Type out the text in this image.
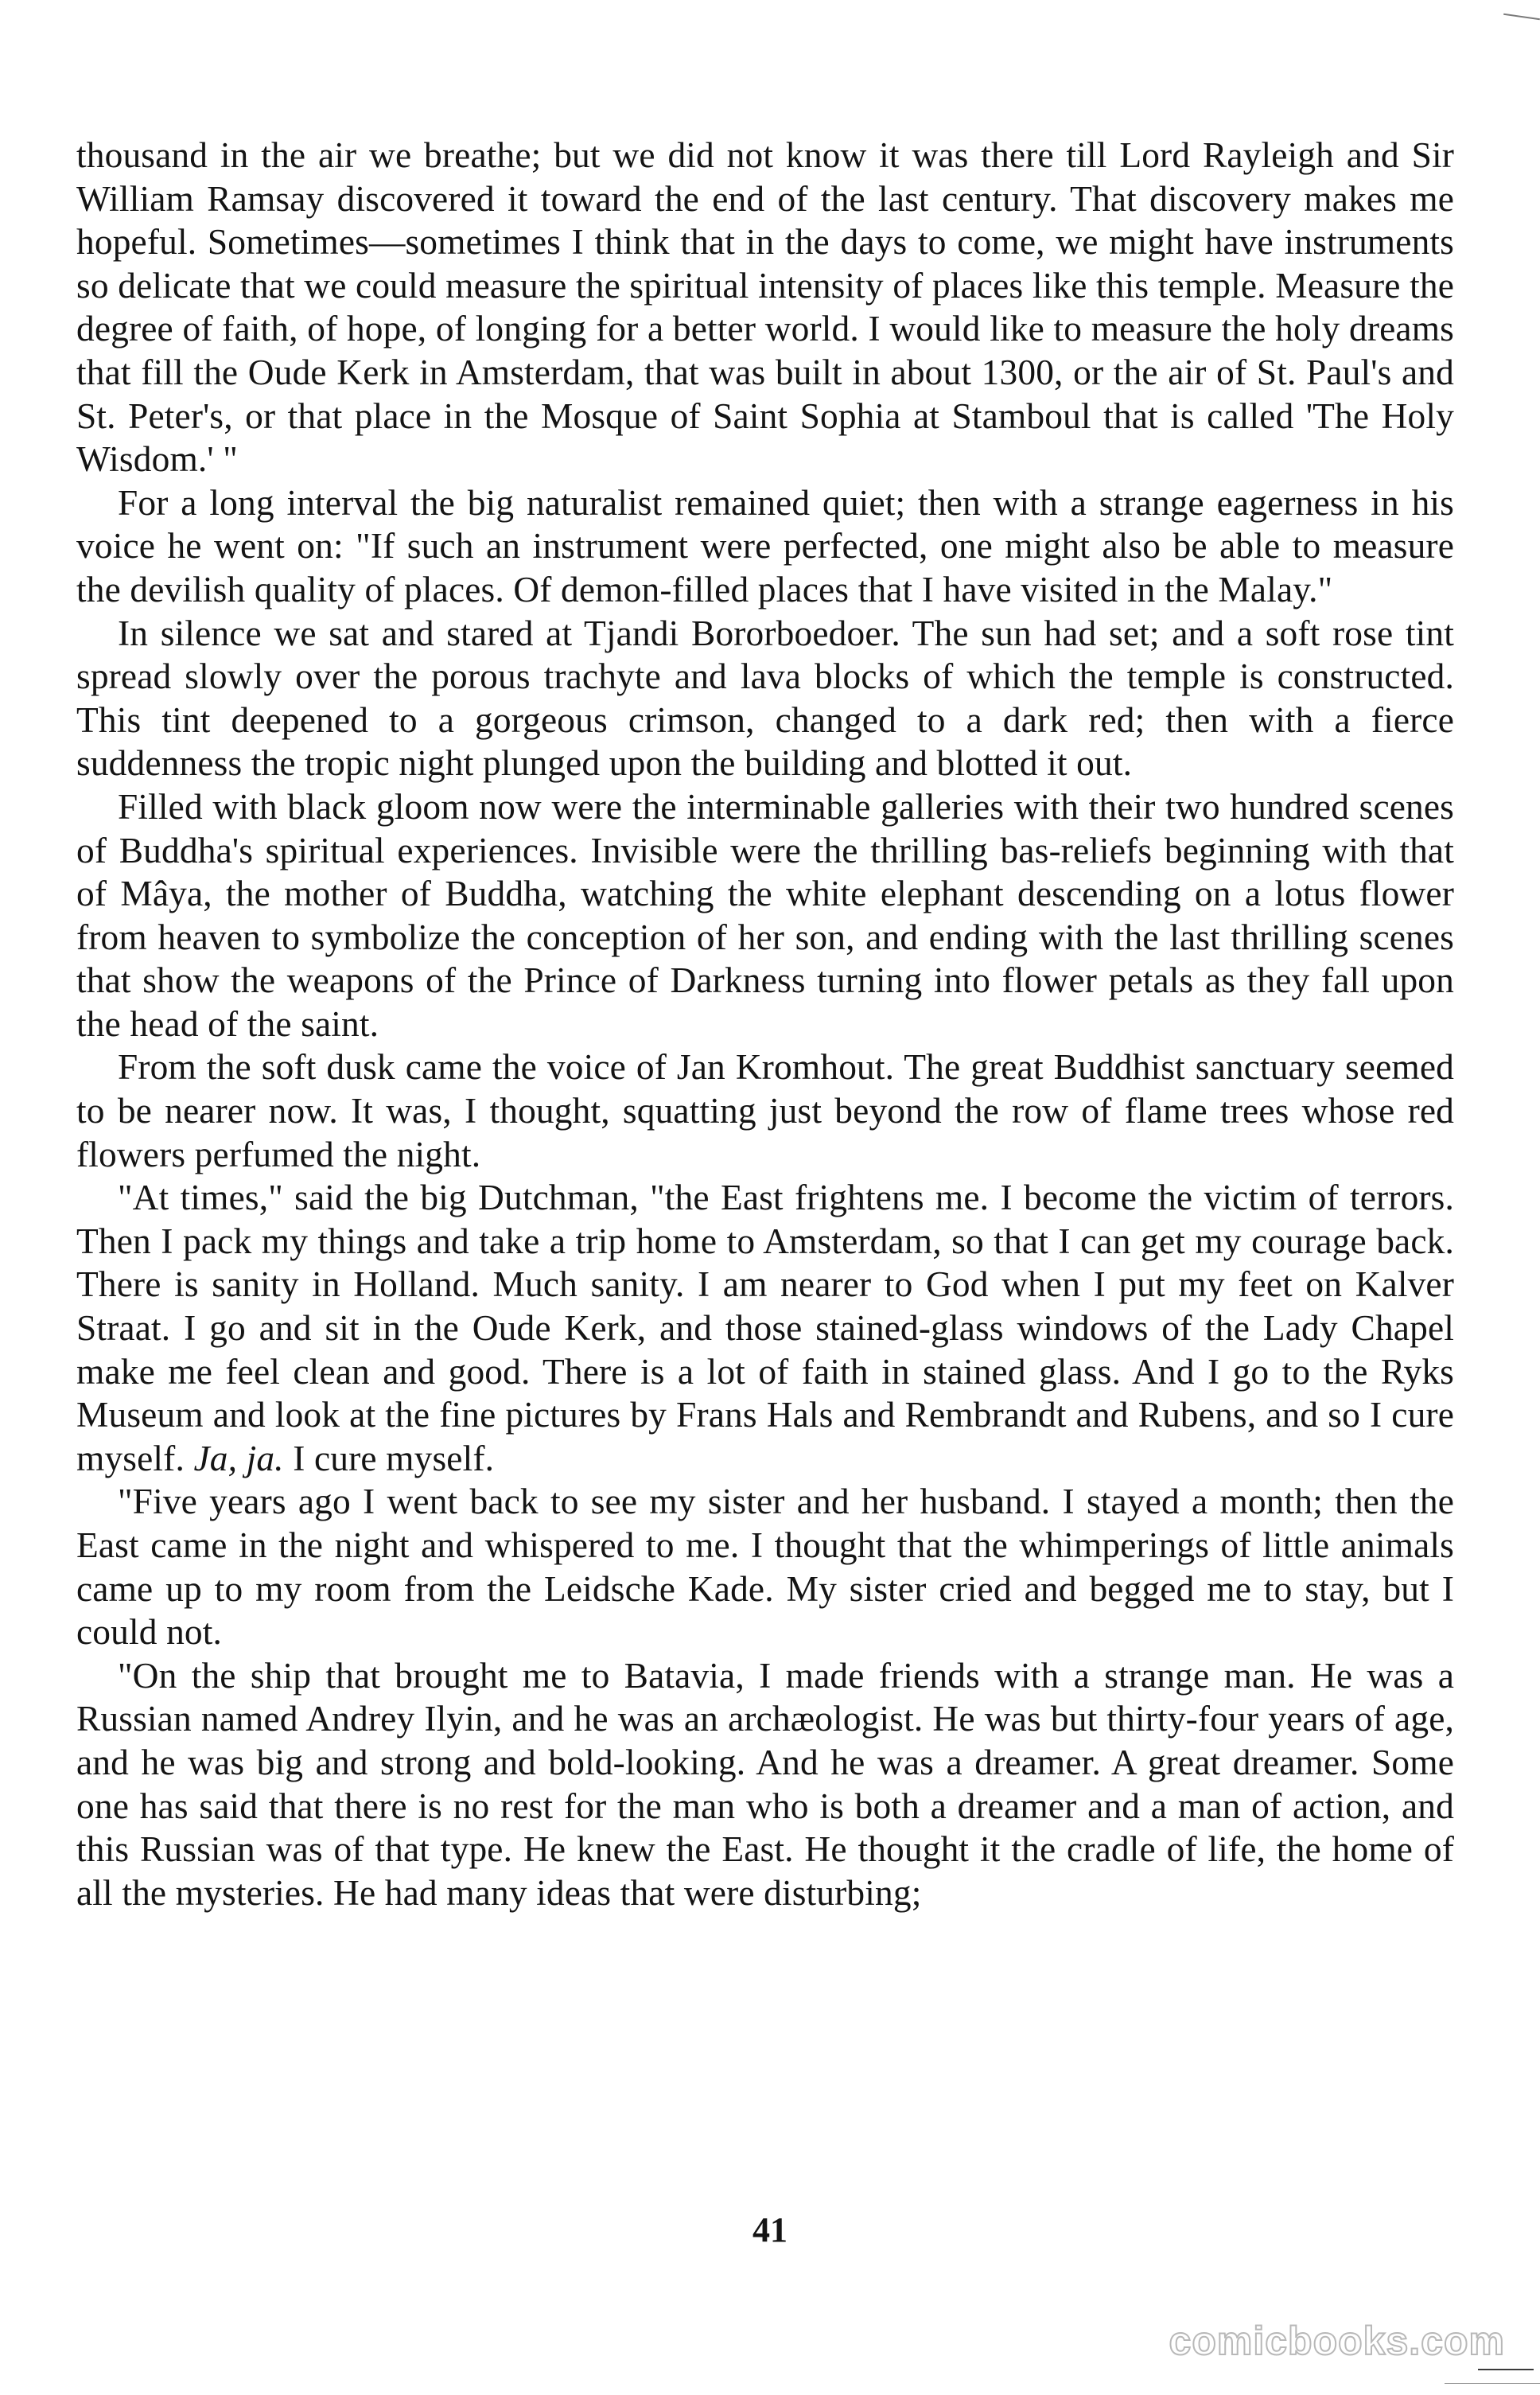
thousand in the air we breathe; but we did not know it was there till Lord Rayleigh and Sir William Ramsay discovered it toward the end of the last century. That discovery makes me hopeful. Sometimes—sometimes I think that in the days to come, we might have instruments so delicate that we could measure the spiritual intensity of places like this temple. Measure the degree of faith, of hope, of longing for a better world. I would like to measure the holy dreams that fill the Oude Kerk in Amsterdam, that was built in about 1300, or the air of St. Paul's and St. Peter's, or that place in the Mosque of Saint Sophia at Stamboul that is called 'The Holy Wisdom.' "

For a long interval the big naturalist remained quiet; then with a strange eagerness in his voice he went on: "If such an instrument were perfected, one might also be able to measure the devilish quality of places. Of demon-filled places that I have visited in the Malay."

In silence we sat and stared at Tjandi Bororboedoer. The sun had set; and a soft rose tint spread slowly over the porous trachyte and lava blocks of which the temple is constructed. This tint deepened to a gorgeous crimson, changed to a dark red; then with a fierce suddenness the tropic night plunged upon the building and blotted it out.

Filled with black gloom now were the interminable galleries with their two hundred scenes of Buddha's spiritual experiences. Invisible were the thrilling bas-reliefs beginning with that of Mâya, the mother of Buddha, watching the white elephant descending on a lotus flower from heaven to symbolize the conception of her son, and ending with the last thrilling scenes that show the weapons of the Prince of Darkness turning into flower petals as they fall upon the head of the saint.

From the soft dusk came the voice of Jan Kromhout. The great Buddhist sanctuary seemed to be nearer now. It was, I thought, squatting just beyond the row of flame trees whose red flowers perfumed the night.

"At times," said the big Dutchman, "the East frightens me. I become the victim of terrors. Then I pack my things and take a trip home to Amsterdam, so that I can get my courage back. There is sanity in Holland. Much sanity. I am nearer to God when I put my feet on Kalver Straat. I go and sit in the Oude Kerk, and those stained-glass windows of the Lady Chapel make me feel clean and good. There is a lot of faith in stained glass. And I go to the Ryks Museum and look at the fine pictures by Frans Hals and Rembrandt and Rubens, and so I cure myself. Ja, ja. I cure myself.

"Five years ago I went back to see my sister and her husband. I stayed a month; then the East came in the night and whispered to me. I thought that the whimperings of little animals came up to my room from the Leidsche Kade. My sister cried and begged me to stay, but I could not.

"On the ship that brought me to Batavia, I made friends with a strange man. He was a Russian named Andrey Ilyin, and he was an archæologist. He was but thirty-four years of age, and he was big and strong and bold-looking. And he was a dreamer. A great dreamer. Some one has said that there is no rest for the man who is both a dreamer and a man of action, and this Russian was of that type. He knew the East. He thought it the cradle of life, the home of all the mysteries. He had many ideas that were disturbing;

41
comicbooks.com
